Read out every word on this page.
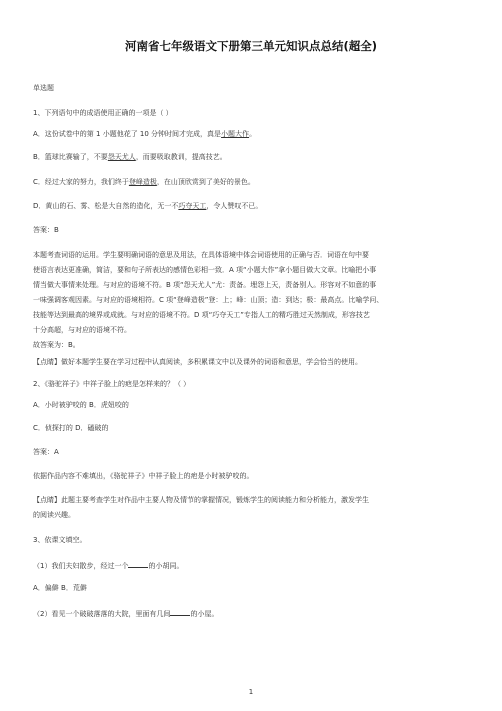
河南省七年级语文下册第三单元知识点总结(超全)
单选题
1、下列语句中的成语使用正确的一项是（ ）
A．这份试卷中的第 1 小题他花了 10 分钟时间才完成，真是小题大作。
B．篮球比赛输了，不要怨天尤人，而要吸取教训，提高技艺。
C．经过大家的努力，我们终于登峰造极，在山顶欣赏到了美好的景色。
D．黄山的石、雾、松是大自然的造化，无一不巧夺天工，令人赞叹不已。
答案：B
本题考查词语的运用。学生要明确词语的意思及用法，在具体语境中体会词语使用的正确与否．词语在句中要
使语言表达更准确，简洁，要和句子所表达的感情色彩相一致．A 项“小题大作”拿小题目做大文章。比喻把小事
情当做大事情来处理。与对应的语境不符。B 项“怨天尤人”尤：责备。埋怨上天，责备别人。形容对不如意的事
一味强调客观因素。与对应的语境相符。C 项“登峰造极”登：上；峰：山顶；造：到达；极：最高点。比喻学问、
技能等达到最高的境界或成就。与对应的语境不符。D 项“巧夺天工”专指人工的精巧胜过天然制成，形容技艺
十分高超，与对应的语境不符。
故答案为：B。
【点睛】做好本题学生要在学习过程中认真阅读，多积累课文中以及课外的词语和意思，学会恰当的使用。
2、《骆驼祥子》中祥子脸上的疤是怎样来的？（ ）
A．小时被驴咬的 B．虎妞咬的
C．侦探打的 D．磕破的
答案：A
依据作品内容不难填出，《骆驼祥子》中祥子脸上的疤是小时被驴咬的。
【点睛】此题主要考查学生对作品中主要人物及情节的掌握情况，锻炼学生的阅读能力和分析能力，激发学生
的阅读兴趣。
3、依课文填空。
（1）我们夫妇散步，经过一个	的小胡同。
A．偏僻 B．荒僻
（2）看见一个破破落落的大院，里面有几间	的小屋。
1
